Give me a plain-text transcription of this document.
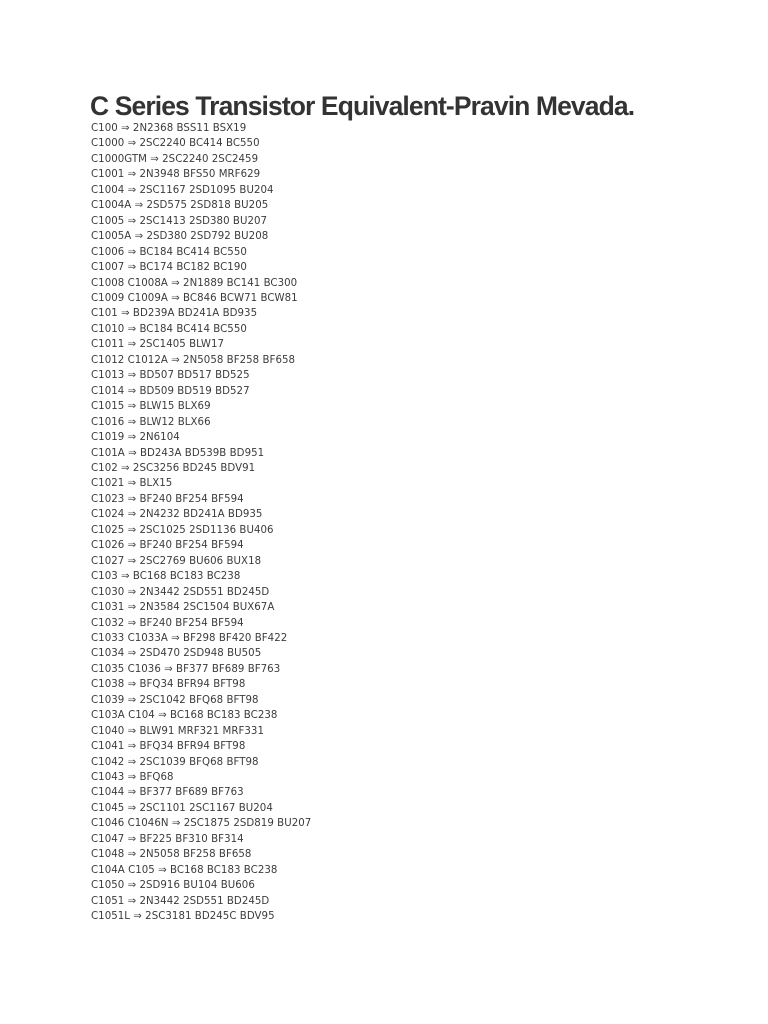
C Series Transistor Equivalent-Pravin Mevada.
C100 ⇒ 2N2368 BSS11 BSX19
C1000 ⇒ 2SC2240 BC414 BC550
C1000GTM ⇒ 2SC2240 2SC2459
C1001 ⇒ 2N3948 BFS50 MRF629
C1004 ⇒ 2SC1167 2SD1095 BU204
C1004A ⇒ 2SD575 2SD818 BU205
C1005 ⇒ 2SC1413 2SD380 BU207
C1005A ⇒ 2SD380 2SD792 BU208
C1006 ⇒ BC184 BC414 BC550
C1007 ⇒ BC174 BC182 BC190
C1008 C1008A ⇒ 2N1889 BC141 BC300
C1009 C1009A ⇒ BC846 BCW71 BCW81
C101 ⇒ BD239A BD241A BD935
C1010 ⇒ BC184 BC414 BC550
C1011 ⇒ 2SC1405 BLW17
C1012 C1012A ⇒ 2N5058 BF258 BF658
C1013 ⇒ BD507 BD517 BD525
C1014 ⇒ BD509 BD519 BD527
C1015 ⇒ BLW15 BLX69
C1016 ⇒ BLW12 BLX66
C1019 ⇒ 2N6104
C101A ⇒ BD243A BD539B BD951
C102 ⇒ 2SC3256 BD245 BDV91
C1021 ⇒ BLX15
C1023 ⇒ BF240 BF254 BF594
C1024 ⇒ 2N4232 BD241A BD935
C1025 ⇒ 2SC1025 2SD1136 BU406
C1026 ⇒ BF240 BF254 BF594
C1027 ⇒ 2SC2769 BU606 BUX18
C103 ⇒ BC168 BC183 BC238
C1030 ⇒ 2N3442 2SD551 BD245D
C1031 ⇒ 2N3584 2SC1504 BUX67A
C1032 ⇒ BF240 BF254 BF594
C1033 C1033A ⇒ BF298 BF420 BF422
C1034 ⇒ 2SD470 2SD948 BU505
C1035 C1036 ⇒ BF377 BF689 BF763
C1038 ⇒ BFQ34 BFR94 BFT98
C1039 ⇒ 2SC1042 BFQ68 BFT98
C103A C104 ⇒ BC168 BC183 BC238
C1040 ⇒ BLW91 MRF321 MRF331
C1041 ⇒ BFQ34 BFR94 BFT98
C1042 ⇒ 2SC1039 BFQ68 BFT98
C1043 ⇒ BFQ68
C1044 ⇒ BF377 BF689 BF763
C1045 ⇒ 2SC1101 2SC1167 BU204
C1046 C1046N ⇒ 2SC1875 2SD819 BU207
C1047 ⇒ BF225 BF310 BF314
C1048 ⇒ 2N5058 BF258 BF658
C104A C105 ⇒ BC168 BC183 BC238
C1050 ⇒ 2SD916 BU104 BU606
C1051 ⇒ 2N3442 2SD551 BD245D
C1051L ⇒ 2SC3181 BD245C BDV95
